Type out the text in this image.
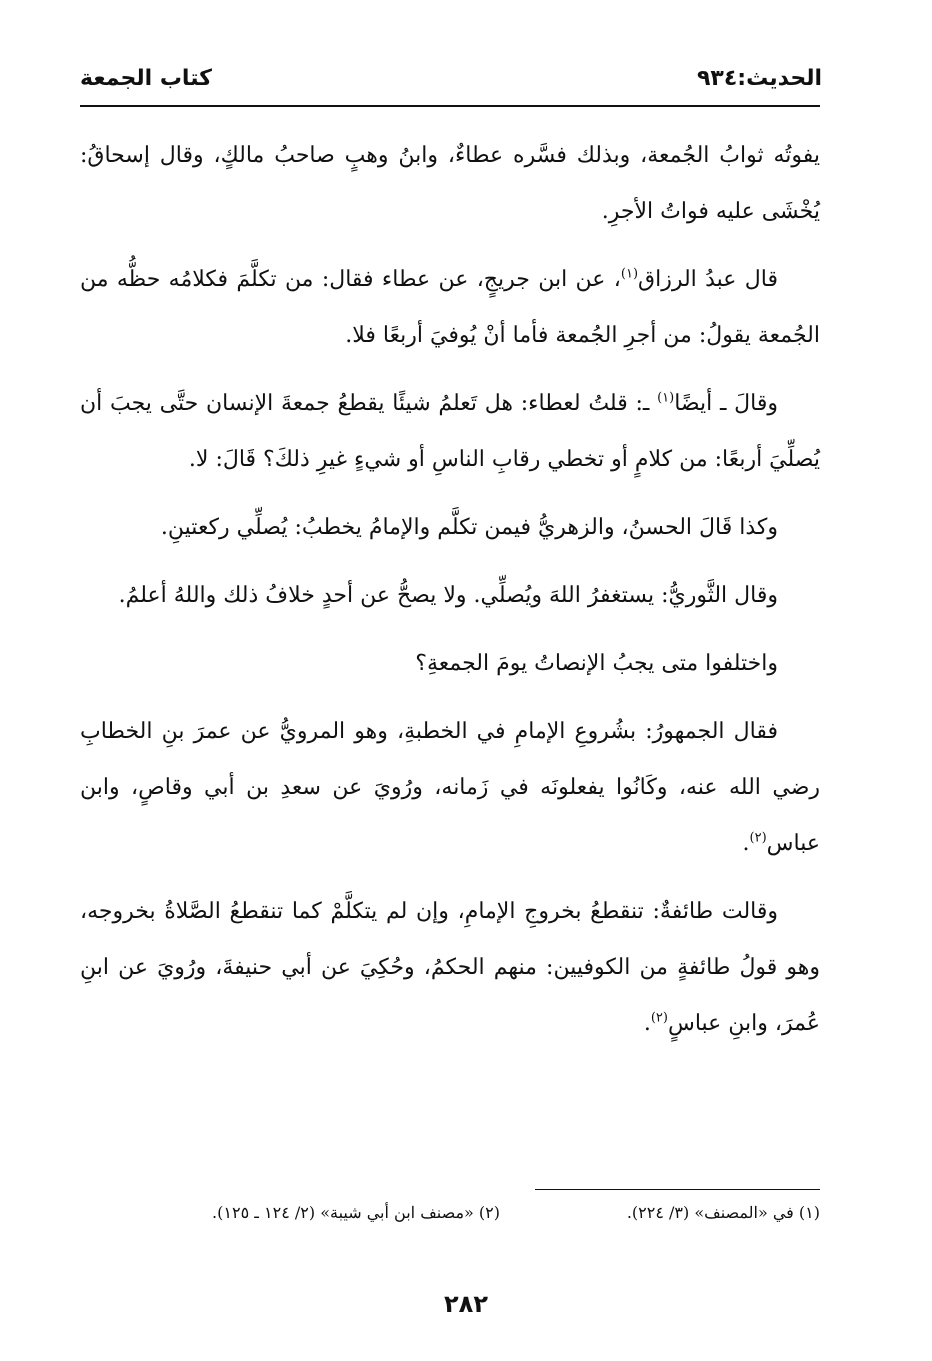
الحديث:٩٣٤
كتاب الجمعة

يفوتُه ثوابُ الجُمعة، وبذلك فسَّره عطاءٌ، وابنُ وهبٍ صاحبُ مالكٍ، وقال إسحاقُ: يُخْشَى عليه فواتُ الأجرِ.

قال عبدُ الرزاق$^{(١)}$، عن ابن جريجٍ، عن عطاء فقال: من تكلَّمَ فكلامُه حظُّه من الجُمعة يقولُ: من أجرِ الجُمعة فأما أنْ يُوفيَ أربعًا فلا.

وقالَ ـ أيضًا$^{(١)}$ ـ: قلتُ لعطاء: هل تَعلمُ شيئًا يقطعُ جمعةَ الإنسان حتَّى يجبَ أن يُصلِّيَ أربعًا: من كلامٍ أو تخطي رقابِ الناسِ أو شيءٍ غيرِ ذلكَ؟ قَالَ: لا.

وكذا قَالَ الحسنُ، والزهريُّ فيمن تكلَّم والإمامُ يخطبُ: يُصلِّي ركعتينِ.

وقال الثَّوريُّ: يستغفرُ اللهَ ويُصلِّي. ولا يصحُّ عن أحدٍ خلافُ ذلك واللهُ أعلمُ.

واختلفوا متى يجبُ الإنصاتُ يومَ الجمعةِ؟

فقال الجمهورُ: بشُروعِ الإمامِ في الخطبةِ، وهو المرويُّ عن عمرَ بنِ الخطابِ رضي الله عنه، وكَانُوا يفعلونَه في زَمانه، ورُويَ عن سعدِ بن أبي وقاصٍ، وابن عباس$^{(٢)}$.

وقالت طائفةٌ: تنقطعُ بخروجِ الإمامِ، وإن لم يتكلَّمْ كما تنقطعُ الصَّلاةُ بخروجه، وهو قولُ طائفةٍ من الكوفيين: منهم الحكمُ، وحُكِيَ عن أبي حنيفةَ، ورُويَ عن ابنِ عُمرَ، وابنِ عباسٍ$^{(٢)}$.

(١) في «المصنف» (٣/ ٢٢٤).
(٢) «مصنف ابن أبي شيبة» (٢/ ١٢٤ ـ ١٢٥).
٢٨٢
